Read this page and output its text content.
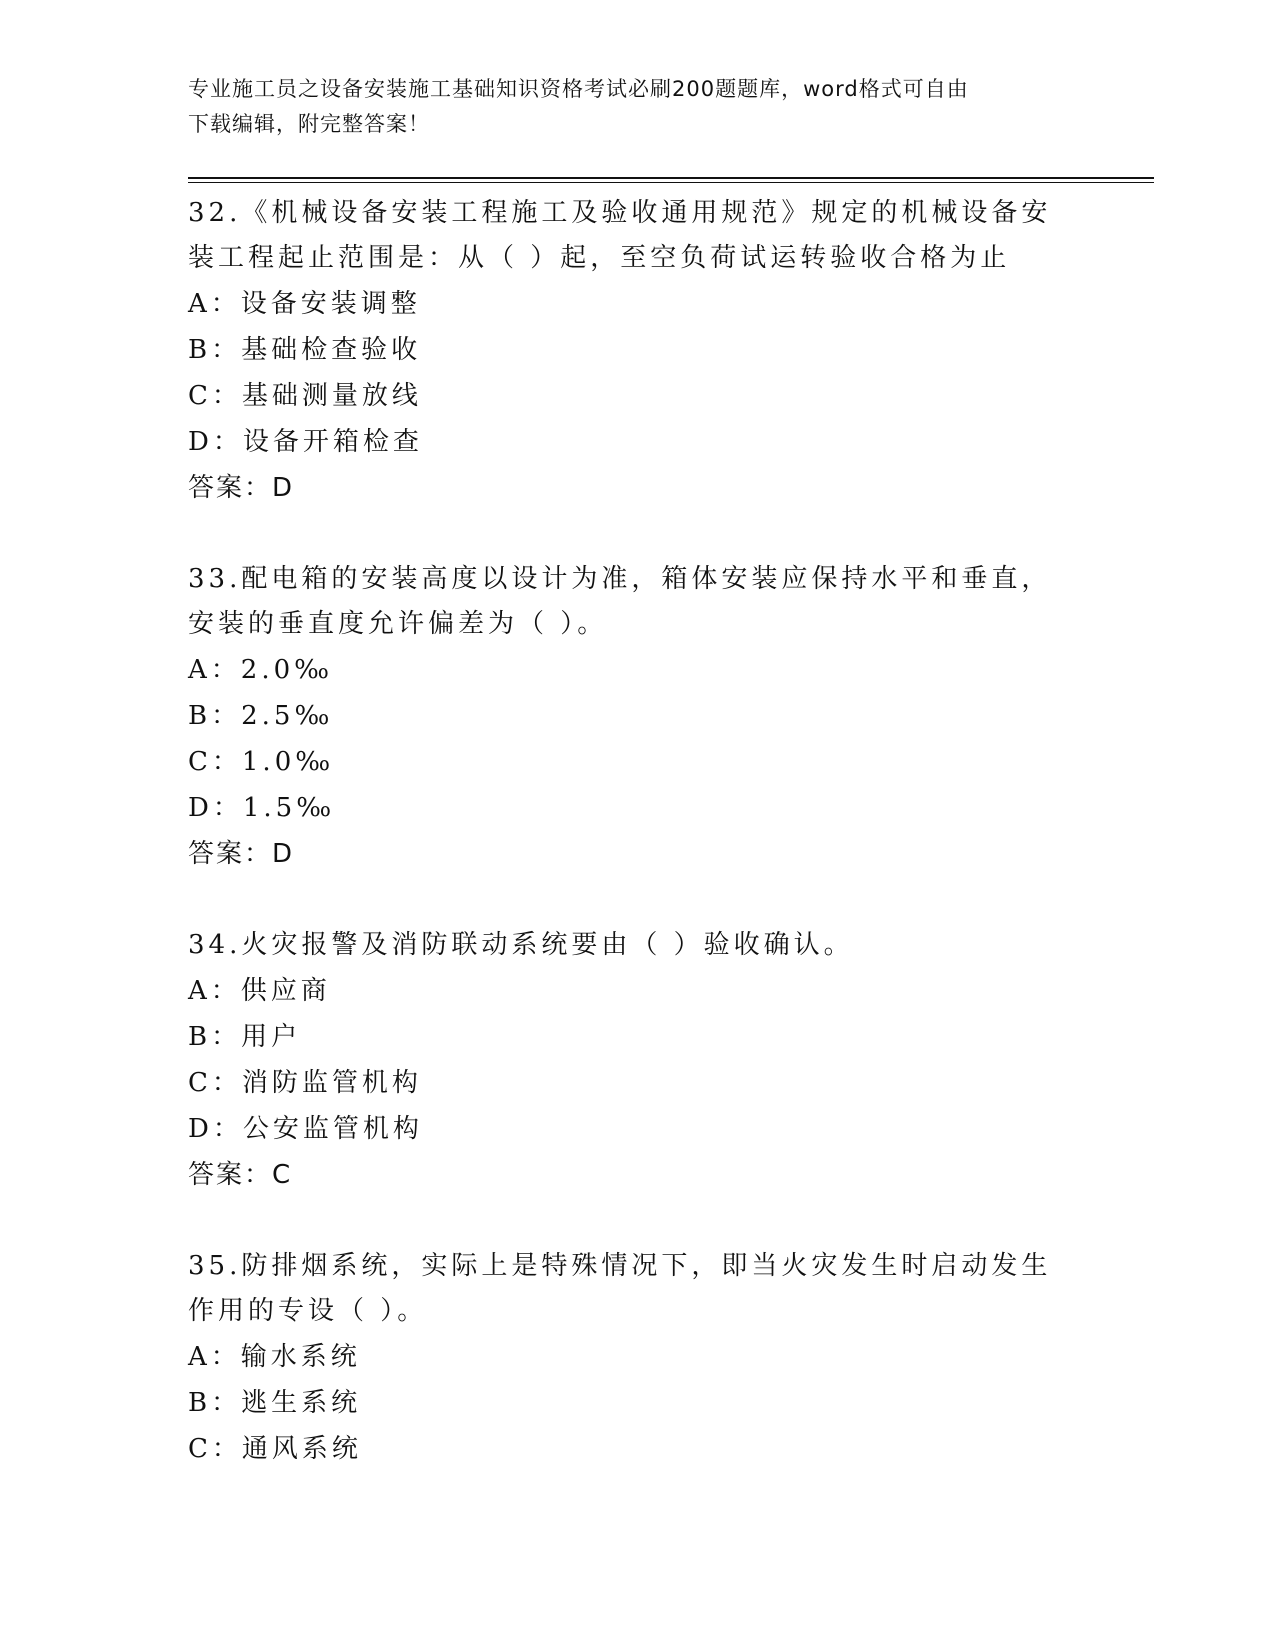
专业施工员之设备安装施工基础知识资格考试必刷200题题库，word格式可自由
下载编辑，附完整答案！

32.《机械设备安装工程施工及验收通用规范》规定的机械设备安装工程起止范围是：从（ ）起，至空负荷试运转验收合格为止

A：设备安装调整

B：基础检查验收

C：基础测量放线

D：设备开箱检查

答案：D

33.配电箱的安装高度以设计为准，箱体安装应保持水平和垂直，安装的垂直度允许偏差为（ ）。

A：2.0‰

B：2.5‰

C：1.0‰

D：1.5‰

答案：D

34.火灾报警及消防联动系统要由（ ）验收确认。

A：供应商

B：用户

C：消防监管机构

D：公安监管机构

答案：C

35.防排烟系统，实际上是特殊情况下，即当火灾发生时启动发生作用的专设（ ）。

A：输水系统

B：逃生系统

C：通风系统
